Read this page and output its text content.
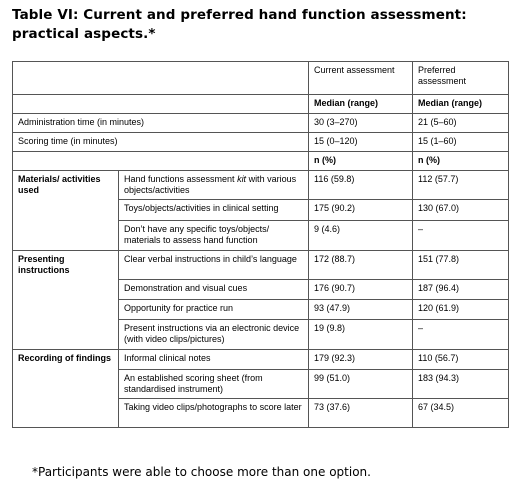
Table VI: Current and preferred hand function assessment: practical aspects.*
		Current assessment	Preferred assessment
		Median (range)	Median (range)
Administration time (in minutes)		30 (3–270)	21 (5–60)
Scoring time (in minutes)		15 (0–120)	15 (1–60)
		n (%)	n (%)
Materials/ activities used	Hand functions assessment kit with various objects/activities	116 (59.8)	112 (57.7)
	Toys/objects/activities in clinical setting	175 (90.2)	130 (67.0)
	Don’t have any specific toys/objects/ materials to assess hand function	9 (4.6)	–
Presenting instructions	Clear verbal instructions in child’s language	172 (88.7)	151 (77.8)
	Demonstration and visual cues	176 (90.7)	187 (96.4)
	Opportunity for practice run	93 (47.9)	120 (61.9)
	Present instructions via an electronic device (with video clips/pictures)	19 (9.8)	–
Recording of findings	Informal clinical notes	179 (92.3)	110 (56.7)
	An established scoring sheet (from standardised instrument)	99 (51.0)	183 (94.3)
	Taking video clips/photographs to score later	73 (37.6)	67 (34.5)
*Participants were able to choose more than one option.
